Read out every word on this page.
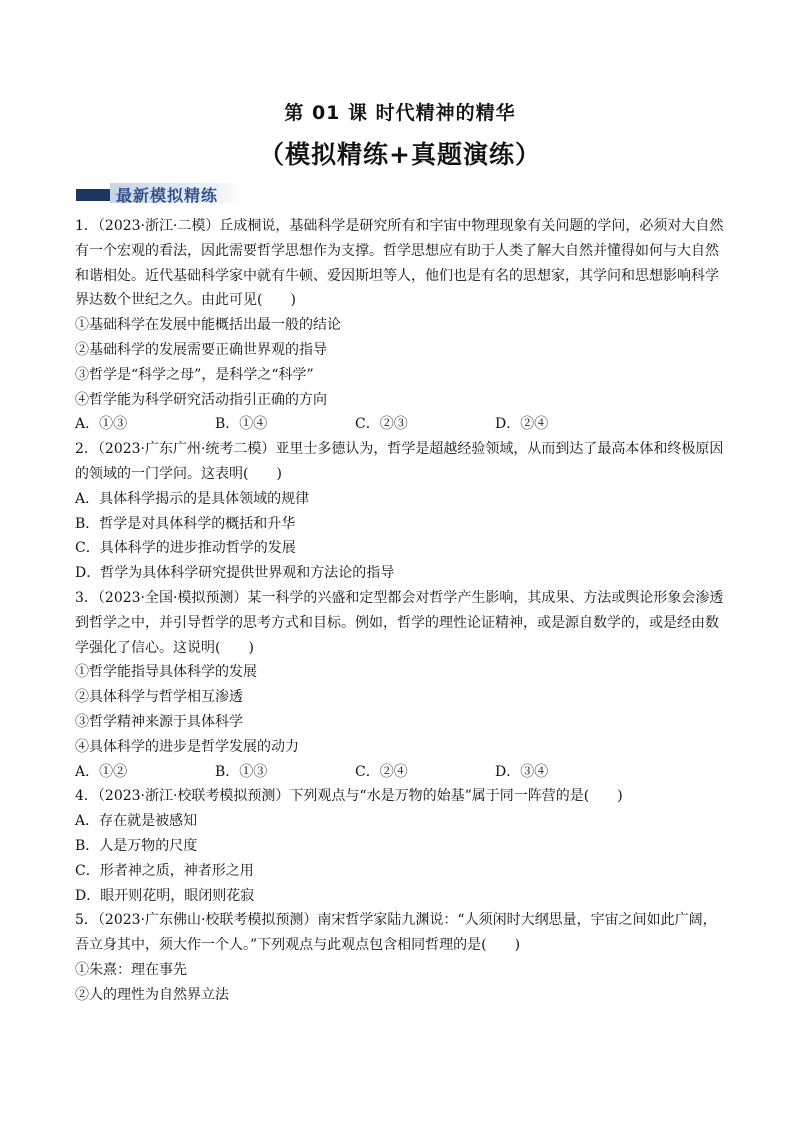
第 01 课 时代精神的精华
（模拟精练+真题演练）
最新模拟精练
1．（2023·浙江·二模）丘成桐说，基础科学是研究所有和宇宙中物理现象有关问题的学问，必须对大自然
有一个宏观的看法，因此需要哲学思想作为支撑。哲学思想应有助于人类了解大自然并懂得如何与大自然
和谐相处。近代基础科学家中就有牛顿、爱因斯坦等人，他们也是有名的思想家，其学问和思想影响科学
界达数个世纪之久。由此可见(　　)
①基础科学在发展中能概括出最一般的结论
②基础科学的发展需要正确世界观的指导
③哲学是“科学之母”，是科学之“科学”
④哲学能为科学研究活动指引正确的方向
A．①③	B．①④	C．②③	D．②④
2．（2023·广东广州·统考二模）亚里士多德认为，哲学是超越经验领域，从而到达了最高本体和终极原因
的领域的一门学问。这表明(　　)
A．具体科学揭示的是具体领域的规律
B．哲学是对具体科学的概括和升华
C．具体科学的进步推动哲学的发展
D．哲学为具体科学研究提供世界观和方法论的指导
3．（2023·全国·模拟预测）某一科学的兴盛和定型都会对哲学产生影响，其成果、方法或舆论形象会渗透
到哲学之中，并引导哲学的思考方式和目标。例如，哲学的理性论证精神，或是源自数学的，或是经由数
学强化了信心。这说明(　　)
①哲学能指导具体科学的发展
②具体科学与哲学相互渗透
③哲学精神来源于具体科学
④具体科学的进步是哲学发展的动力
A．①②	B．①③	C．②④	D．③④
4．（2023·浙江·校联考模拟预测）下列观点与“水是万物的始基”属于同一阵营的是(　　)
A．存在就是被感知
B．人是万物的尺度
C．形者神之质，神者形之用
D．眼开则花明，眼闭则花寂
5．（2023·广东佛山·校联考模拟预测）南宋哲学家陆九渊说：“人须闲时大纲思量，宇宙之间如此广阔，
吾立身其中，须大作一个人。”下列观点与此观点包含相同哲理的是(　　)
①朱熹：理在事先
②人的理性为自然界立法
